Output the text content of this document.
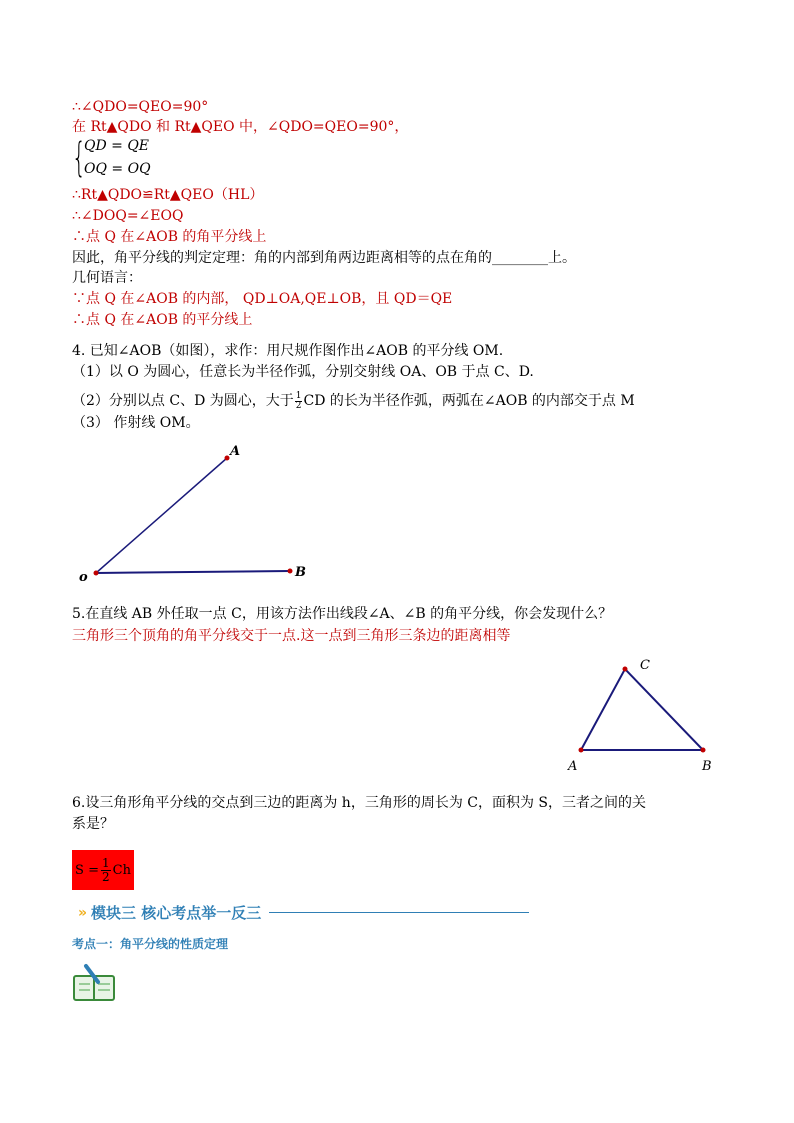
∴∠QDO=QEO=90°
在 Rt▲QDO 和 Rt▲QEO 中，∠QDO=QEO=90°，
{
QD = QE
OQ = OQ
∴Rt▲QDO≌Rt▲QEO（HL）
∴∠DOQ=∠EOQ
∴点 Q 在∠AOB 的角平分线上
因此，角平分线的判定定理：角的内部到角两边距离相等的点在角的________上。
几何语言：
∵点 Q 在∠AOB 的内部， QD⊥OA,QE⊥OB，且 QD＝QE
∴点 Q 在∠AOB 的平分线上
4. 已知∠AOB（如图），求作：用尺规作图作出∠AOB 的平分线 OM.
（1）以 O 为圆心，任意长为半径作弧，分别交射线 OA、OB 于点 C、D.
（2）分别以点 C、D 为圆心，大于 $\frac{1}{2}$ CD 的长为半径作弧，两弧在∠AOB 的内部交于点 M
（3） 作射线 OM。
A
o	B
5.在直线 AB 外任取一点 C，用该方法作出线段∠A、∠B 的角平分线，你会发现什么？
三角形三个顶角的角平分线交于一点.这一点到三角形三条边的距离相等
C
A	B
6.设三角形角平分线的交点到三边的距离为 h，三角形的周长为 C，面积为 S，三者之间的关
系是？
$S = \frac{1}{2}$ Ch
» 模块三 核心考点举一反三
考点一：角平分线的性质定理
